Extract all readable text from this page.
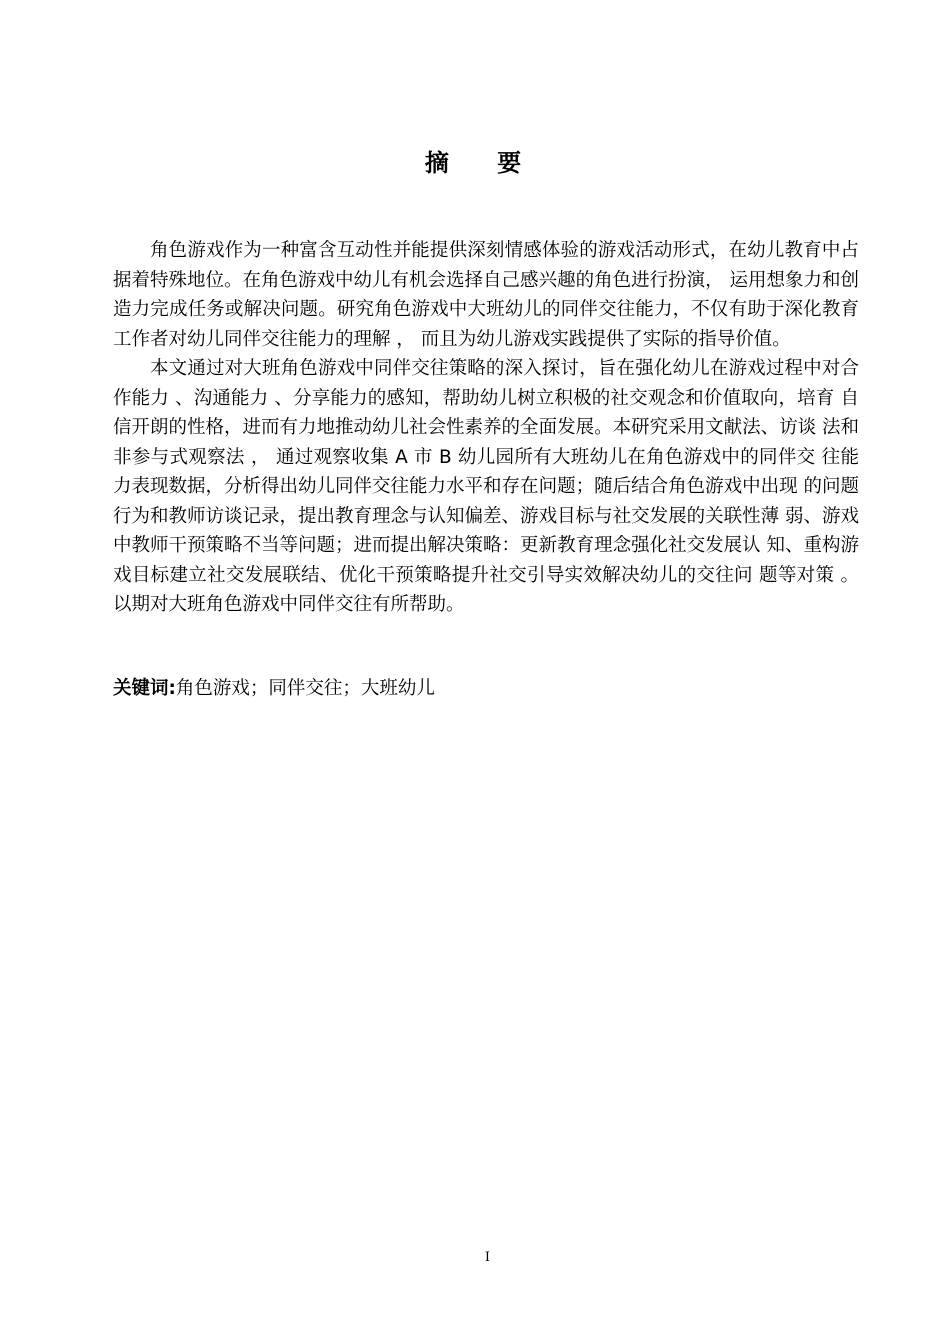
摘 要

角色游戏作为一种富含互动性并能提供深刻情感体验的游戏活动形式，在幼儿教育中占据着特殊地位。在角色游戏中幼儿有机会选择自己感兴趣的角色进行扮演， 运用想象力和创造力完成任务或解决问题。研究角色游戏中大班幼儿的同伴交往能力，不仅有助于深化教育工作者对幼儿同伴交往能力的理解 ， 而且为幼儿游戏实践提供了实际的指导价值。

本文通过对大班角色游戏中同伴交往策略的深入探讨，旨在强化幼儿在游戏过程中对合作能力 、沟通能力 、分享能力的感知，帮助幼儿树立积极的社交观念和价值取向，培育 自信开朗的性格，进而有力地推动幼儿社会性素养的全面发展。本研究采用文献法、访谈 法和非参与式观察法 ， 通过观察收集 A 市 B 幼儿园所有大班幼儿在角色游戏中的同伴交 往能力表现数据，分析得出幼儿同伴交往能力水平和存在问题；随后结合角色游戏中出现 的问题行为和教师访谈记录，提出教育理念与认知偏差、游戏目标与社交发展的关联性薄 弱、游戏中教师干预策略不当等问题；进而提出解决策略：更新教育理念强化社交发展认 知、重构游戏目标建立社交发展联结、优化干预策略提升社交引导实效解决幼儿的交往问 题等对策 。以期对大班角色游戏中同伴交往有所帮助。

关键词:角色游戏；同伴交往；大班幼儿
I
